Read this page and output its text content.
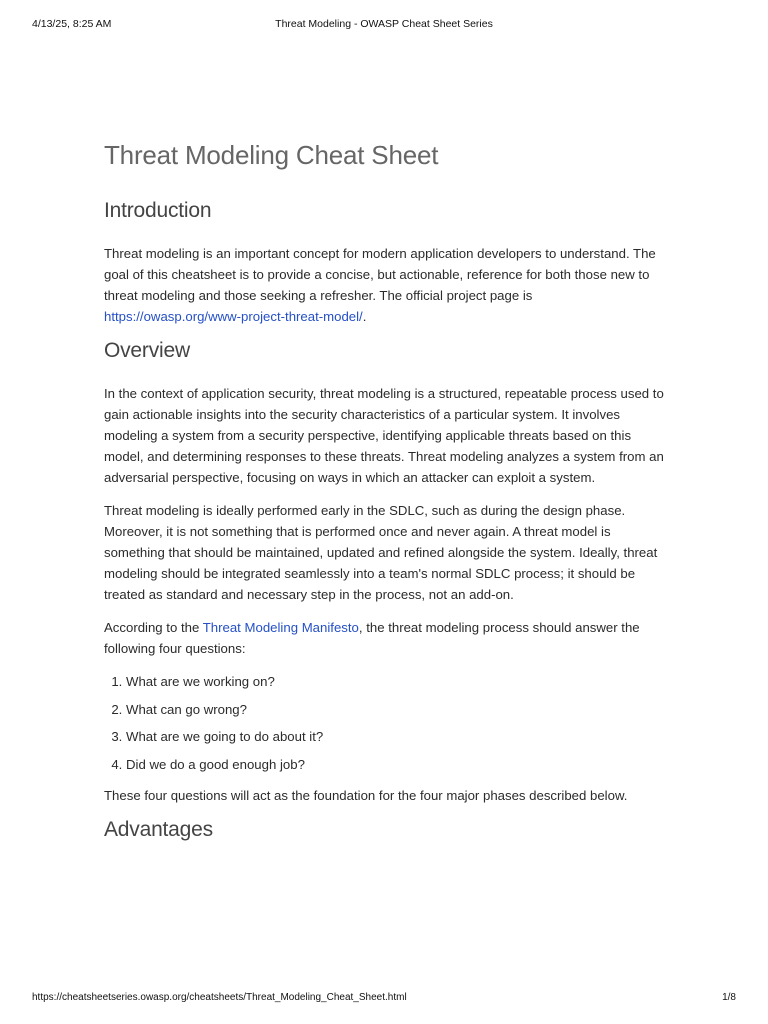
4/13/25, 8:25 AM	Threat Modeling - OWASP Cheat Sheet Series
Threat Modeling Cheat Sheet
Introduction

Threat modeling is an important concept for modern application developers to understand. The goal of this cheatsheet is to provide a concise, but actionable, reference for both those new to threat modeling and those seeking a refresher. The official project page is https://owasp.org/www-project-threat-model/.

Overview

In the context of application security, threat modeling is a structured, repeatable process used to gain actionable insights into the security characteristics of a particular system. It involves modeling a system from a security perspective, identifying applicable threats based on this model, and determining responses to these threats. Threat modeling analyzes a system from an adversarial perspective, focusing on ways in which an attacker can exploit a system.

Threat modeling is ideally performed early in the SDLC, such as during the design phase. Moreover, it is not something that is performed once and never again. A threat model is something that should be maintained, updated and refined alongside the system. Ideally, threat modeling should be integrated seamlessly into a team's normal SDLC process; it should be treated as standard and necessary step in the process, not an add-on.

According to the Threat Modeling Manifesto, the threat modeling process should answer the following four questions:

1. What are we working on?
2. What can go wrong?
3. What are we going to do about it?
4. Did we do a good enough job?

These four questions will act as the foundation for the four major phases described below.

Advantages
https://cheatsheetseries.owasp.org/cheatsheets/Threat_Modeling_Cheat_Sheet.html	1/8
